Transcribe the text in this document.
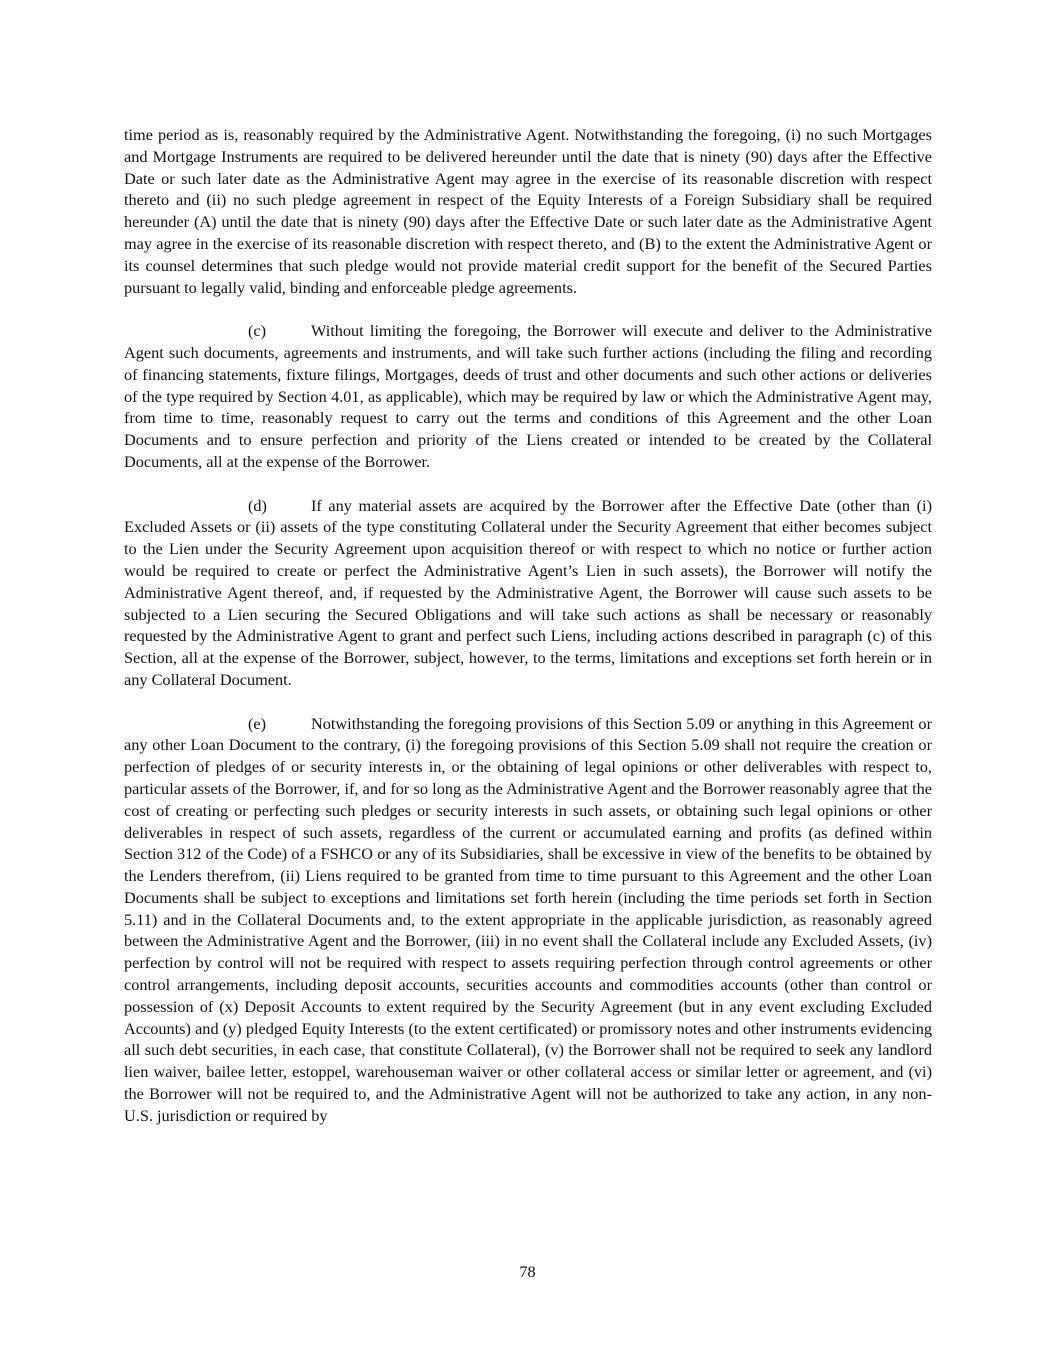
time period as is, reasonably required by the Administrative Agent. Notwithstanding the foregoing, (i) no such Mortgages and Mortgage Instruments are required to be delivered hereunder until the date that is ninety (90) days after the Effective Date or such later date as the Administrative Agent may agree in the exercise of its reasonable discretion with respect thereto and (ii) no such pledge agreement in respect of the Equity Interests of a Foreign Subsidiary shall be required hereunder (A) until the date that is ninety (90) days after the Effective Date or such later date as the Administrative Agent may agree in the exercise of its reasonable discretion with respect thereto, and (B) to the extent the Administrative Agent or its counsel determines that such pledge would not provide material credit support for the benefit of the Secured Parties pursuant to legally valid, binding and enforceable pledge agreements.

(c)	Without limiting the foregoing, the Borrower will execute and deliver to the Administrative Agent such documents, agreements and instruments, and will take such further actions (including the filing and recording of financing statements, fixture filings, Mortgages, deeds of trust and other documents and such other actions or deliveries of the type required by Section 4.01, as applicable), which may be required by law or which the Administrative Agent may, from time to time, reasonably request to carry out the terms and conditions of this Agreement and the other Loan Documents and to ensure perfection and priority of the Liens created or intended to be created by the Collateral Documents, all at the expense of the Borrower.

(d)	If any material assets are acquired by the Borrower after the Effective Date (other than (i) Excluded Assets or (ii) assets of the type constituting Collateral under the Security Agreement that either becomes subject to the Lien under the Security Agreement upon acquisition thereof or with respect to which no notice or further action would be required to create or perfect the Administrative Agent’s Lien in such assets), the Borrower will notify the Administrative Agent thereof, and, if requested by the Administrative Agent, the Borrower will cause such assets to be subjected to a Lien securing the Secured Obligations and will take such actions as shall be necessary or reasonably requested by the Administrative Agent to grant and perfect such Liens, including actions described in paragraph (c) of this Section, all at the expense of the Borrower, subject, however, to the terms, limitations and exceptions set forth herein or in any Collateral Document.

(e)	Notwithstanding the foregoing provisions of this Section 5.09 or anything in this Agreement or any other Loan Document to the contrary, (i) the foregoing provisions of this Section 5.09 shall not require the creation or perfection of pledges of or security interests in, or the obtaining of legal opinions or other deliverables with respect to, particular assets of the Borrower, if, and for so long as the Administrative Agent and the Borrower reasonably agree that the cost of creating or perfecting such pledges or security interests in such assets, or obtaining such legal opinions or other deliverables in respect of such assets, regardless of the current or accumulated earning and profits (as defined within Section 312 of the Code) of a FSHCO or any of its Subsidiaries, shall be excessive in view of the benefits to be obtained by the Lenders therefrom, (ii) Liens required to be granted from time to time pursuant to this Agreement and the other Loan Documents shall be subject to exceptions and limitations set forth herein (including the time periods set forth in Section 5.11) and in the Collateral Documents and, to the extent appropriate in the applicable jurisdiction, as reasonably agreed between the Administrative Agent and the Borrower, (iii) in no event shall the Collateral include any Excluded Assets, (iv) perfection by control will not be required with respect to assets requiring perfection through control agreements or other control arrangements, including deposit accounts, securities accounts and commodities accounts (other than control or possession of (x) Deposit Accounts to extent required by the Security Agreement (but in any event excluding Excluded Accounts) and (y) pledged Equity Interests (to the extent certificated) or promissory notes and other instruments evidencing all such debt securities, in each case, that constitute Collateral), (v) the Borrower shall not be required to seek any landlord lien waiver, bailee letter, estoppel, warehouseman waiver or other collateral access or similar letter or agreement, and (vi) the Borrower will not be required to, and the Administrative Agent will not be authorized to take any action, in any non-U.S. jurisdiction or required by

78
